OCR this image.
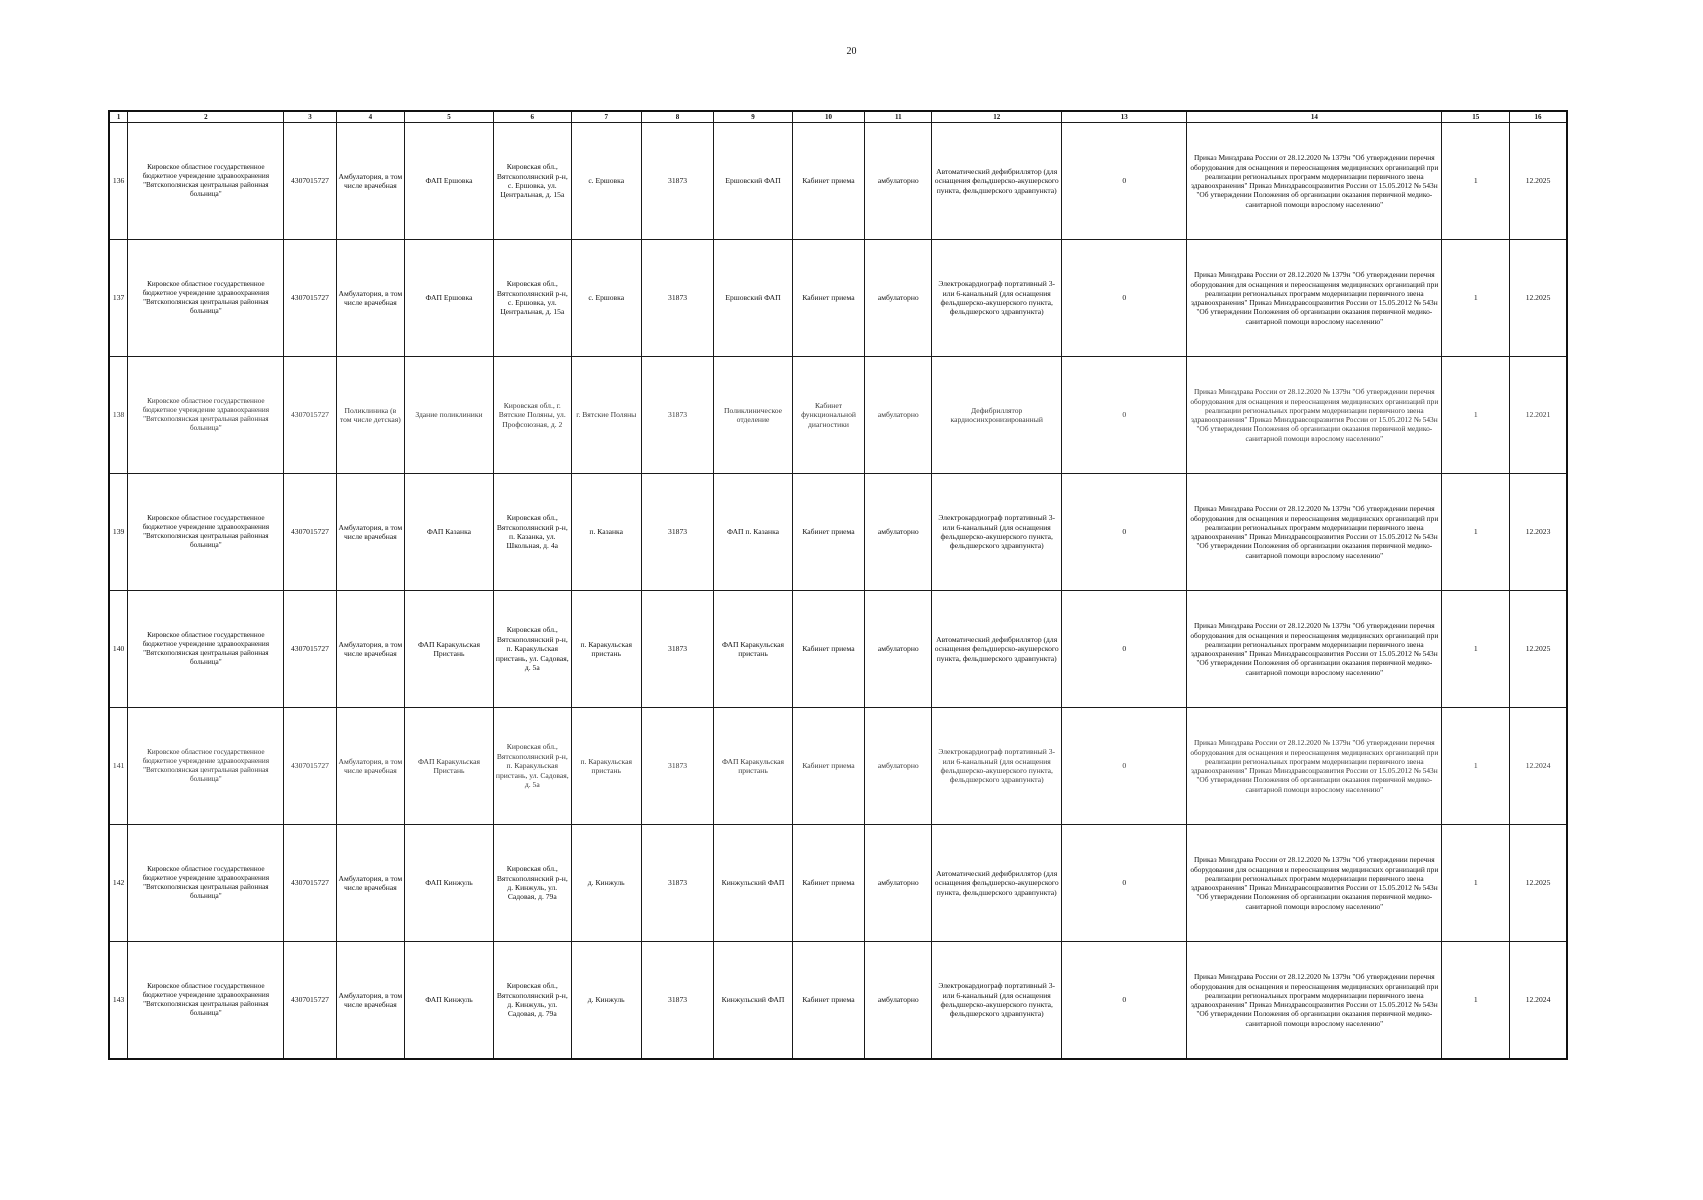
20
1	2	3	4	5	6	7	8	9	10	11	12	13	14	15	16
136	Кировское областное государственное бюджетное учреждение здравоохранения "Вятскополянская центральная районная больница"	4307015727	Амбулатория, в том числе врачебная	ФАП Ершовка	Кировская обл., Вятскополянский р-н, с. Ершовка, ул. Центральная, д. 15а	с. Ершовка	31873	Ершовский ФАП	Кабинет приема	амбулаторно	Автоматический дефибриллятор (для оснащения фельдшерско-акушерского пункта, фельдшерского здравпункта)	0	Приказ Минздрава России от 28.12.2020 № 1379н "Об утверждении перечня оборудования для оснащения и переоснащения медицинских организаций при реализации региональных программ модернизации первичного звена здравоохранения" Приказ Минздравсоцразвития России от 15.05.2012 № 543н "Об утверждении Положения об организации оказания первичной медико-санитарной помощи взрослому населению"	1	12.2025
137	Кировское областное государственное бюджетное учреждение здравоохранения "Вятскополянская центральная районная больница"	4307015727	Амбулатория, в том числе врачебная	ФАП Ершовка	Кировская обл., Вятскополянский р-н, с. Ершовка, ул. Центральная, д. 15а	с. Ершовка	31873	Ершовский ФАП	Кабинет приема	амбулаторно	Электрокардиограф портативный 3- или 6-канальный (для оснащения фельдшерско-акушерского пункта, фельдшерского здравпункта)	0	Приказ Минздрава России от 28.12.2020 № 1379н "Об утверждении перечня оборудования для оснащения и переоснащения медицинских организаций при реализации региональных программ модернизации первичного звена здравоохранения" Приказ Минздравсоцразвития России от 15.05.2012 № 543н "Об утверждении Положения об организации оказания первичной медико-санитарной помощи взрослому населению"	1	12.2025
138	Кировское областное государственное бюджетное учреждение здравоохранения "Вятскополянская центральная районная больница"	4307015727	Поликлиника (в том числе детская)	Здание поликлиники	Кировская обл., г. Вятские Поляны, ул. Профсоюзная, д. 2	г. Вятские Поляны	31873	Поликлиническое отделение	Кабинет функциональной диагностики	амбулаторно	Дефибриллятор кардиосинхронизированный	0	Приказ Минздрава России от 28.12.2020 № 1379н "Об утверждении перечня оборудования для оснащения и переоснащения медицинских организаций при реализации региональных программ модернизации первичного звена здравоохранения" Приказ Минздравсоцразвития России от 15.05.2012 № 543н "Об утверждении Положения об организации оказания первичной медико-санитарной помощи взрослому населению"	1	12.2021
139	Кировское областное государственное бюджетное учреждение здравоохранения "Вятскополянская центральная районная больница"	4307015727	Амбулатория, в том числе врачебная	ФАП Казанка	Кировская обл., Вятскополянский р-н, п. Казанка, ул. Школьная, д. 4а	п. Казанка	31873	ФАП п. Казанка	Кабинет приема	амбулаторно	Электрокардиограф портативный 3- или 6-канальный (для оснащения фельдшерско-акушерского пункта, фельдшерского здравпункта)	0	Приказ Минздрава России от 28.12.2020 № 1379н "Об утверждении перечня оборудования для оснащения и переоснащения медицинских организаций при реализации региональных программ модернизации первичного звена здравоохранения" Приказ Минздравсоцразвития России от 15.05.2012 № 543н "Об утверждении Положения об организации оказания первичной медико-санитарной помощи взрослому населению"	1	12.2023
140	Кировское областное государственное бюджетное учреждение здравоохранения "Вятскополянская центральная районная больница"	4307015727	Амбулатория, в том числе врачебная	ФАП Каракульская Пристань	Кировская обл., Вятскополянский р-н, п. Каракульская пристань, ул. Садовая, д. 5а	п. Каракульская пристань	31873	ФАП Каракульская пристань	Кабинет приема	амбулаторно	Автоматический дефибриллятор (для оснащения фельдшерско-акушерского пункта, фельдшерского здравпункта)	0	Приказ Минздрава России от 28.12.2020 № 1379н "Об утверждении перечня оборудования для оснащения и переоснащения медицинских организаций при реализации региональных программ модернизации первичного звена здравоохранения" Приказ Минздравсоцразвития России от 15.05.2012 № 543н "Об утверждении Положения об организации оказания первичной медико-санитарной помощи взрослому населению"	1	12.2025
141	Кировское областное государственное бюджетное учреждение здравоохранения "Вятскополянская центральная районная больница"	4307015727	Амбулатория, в том числе врачебная	ФАП Каракульская Пристань	Кировская обл., Вятскополянский р-н, п. Каракульская пристань, ул. Садовая, д. 5а	п. Каракульская пристань	31873	ФАП Каракульская пристань	Кабинет приема	амбулаторно	Электрокардиограф портативный 3- или 6-канальный (для оснащения фельдшерско-акушерского пункта, фельдшерского здравпункта)	0	Приказ Минздрава России от 28.12.2020 № 1379н "Об утверждении перечня оборудования для оснащения и переоснащения медицинских организаций при реализации региональных программ модернизации первичного звена здравоохранения" Приказ Минздравсоцразвития России от 15.05.2012 № 543н "Об утверждении Положения об организации оказания первичной медико-санитарной помощи взрослому населению"	1	12.2024
142	Кировское областное государственное бюджетное учреждение здравоохранения "Вятскополянская центральная районная больница"	4307015727	Амбулатория, в том числе врачебная	ФАП Кинжуль	Кировская обл., Вятскополянский р-н, д. Кинжуль, ул. Садовая, д. 79а	д. Кинжуль	31873	Кинжульский ФАП	Кабинет приема	амбулаторно	Автоматический дефибриллятор (для оснащения фельдшерско-акушерского пункта, фельдшерского здравпункта)	0	Приказ Минздрава России от 28.12.2020 № 1379н "Об утверждении перечня оборудования для оснащения и переоснащения медицинских организаций при реализации региональных программ модернизации первичного звена здравоохранения" Приказ Минздравсоцразвития России от 15.05.2012 № 543н "Об утверждении Положения об организации оказания первичной медико-санитарной помощи взрослому населению"	1	12.2025
143	Кировское областное государственное бюджетное учреждение здравоохранения "Вятскополянская центральная районная больница"	4307015727	Амбулатория, в том числе врачебная	ФАП Кинжуль	Кировская обл., Вятскополянский р-н, д. Кинжуль, ул. Садовая, д. 79а	д. Кинжуль	31873	Кинжульский ФАП	Кабинет приема	амбулаторно	Электрокардиограф портативный 3- или 6-канальный (для оснащения фельдшерско-акушерского пункта, фельдшерского здравпункта)	0	Приказ Минздрава России от 28.12.2020 № 1379н "Об утверждении перечня оборудования для оснащения и переоснащения медицинских организаций при реализации региональных программ модернизации первичного звена здравоохранения" Приказ Минздравсоцразвития России от 15.05.2012 № 543н "Об утверждении Положения об организации оказания первичной медико-санитарной помощи взрослому населению"	1	12.2024
